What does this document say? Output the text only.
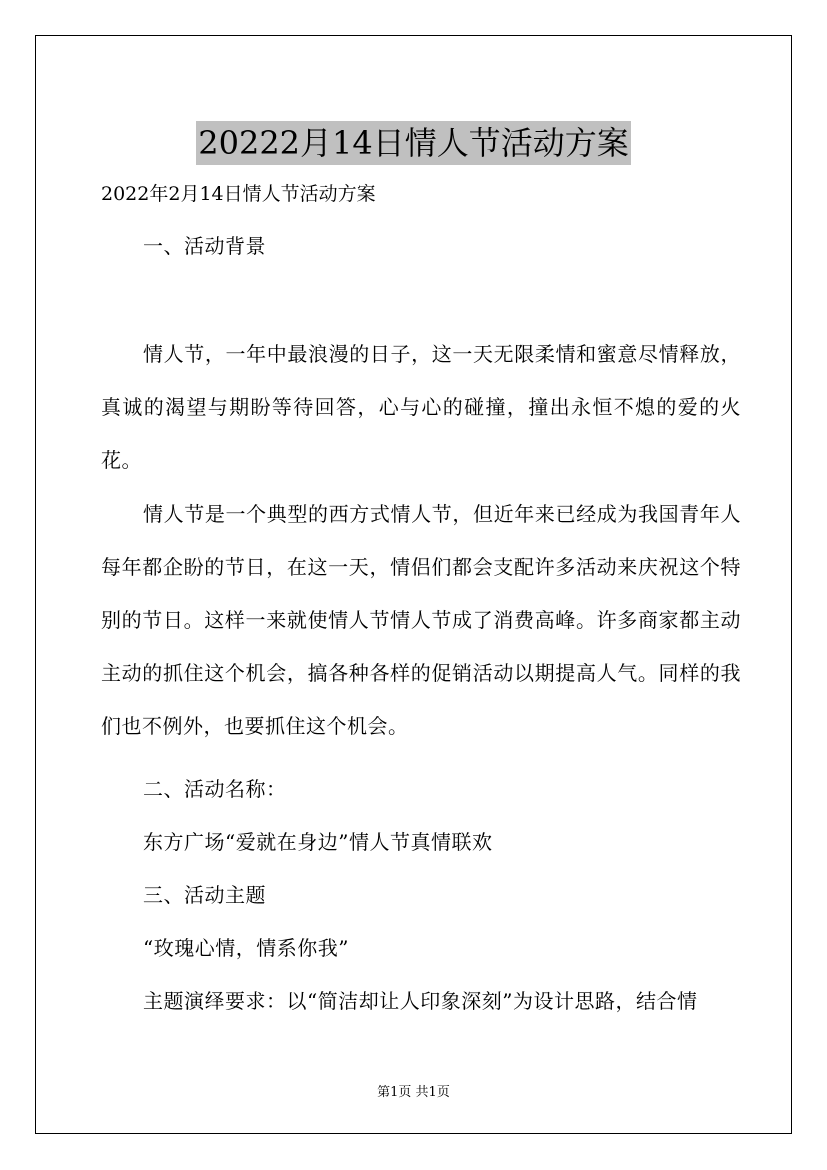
20222月14日情人节活动方案
2022年2月14日情人节活动方案

一、活动背景

情人节，一年中最浪漫的日子，这一天无限柔情和蜜意尽情释放，真诚的渴望与期盼等待回答，心与心的碰撞，撞出永恒不熄的爱的火花。

情人节是一个典型的西方式情人节，但近年来已经成为我国青年人每年都企盼的节日，在这一天，情侣们都会支配许多活动来庆祝这个特别的节日。这样一来就使情人节情人节成了消费高峰。许多商家都主动主动的抓住这个机会，搞各种各样的促销活动以期提高人气。同样的我们也不例外，也要抓住这个机会。

二、活动名称：

东方广场“爱就在身边”情人节真情联欢

三、活动主题

“玫瑰心情，情系你我”

主题演绎要求：以“简洁却让人印象深刻”为设计思路，结合情

第1页 共1页
